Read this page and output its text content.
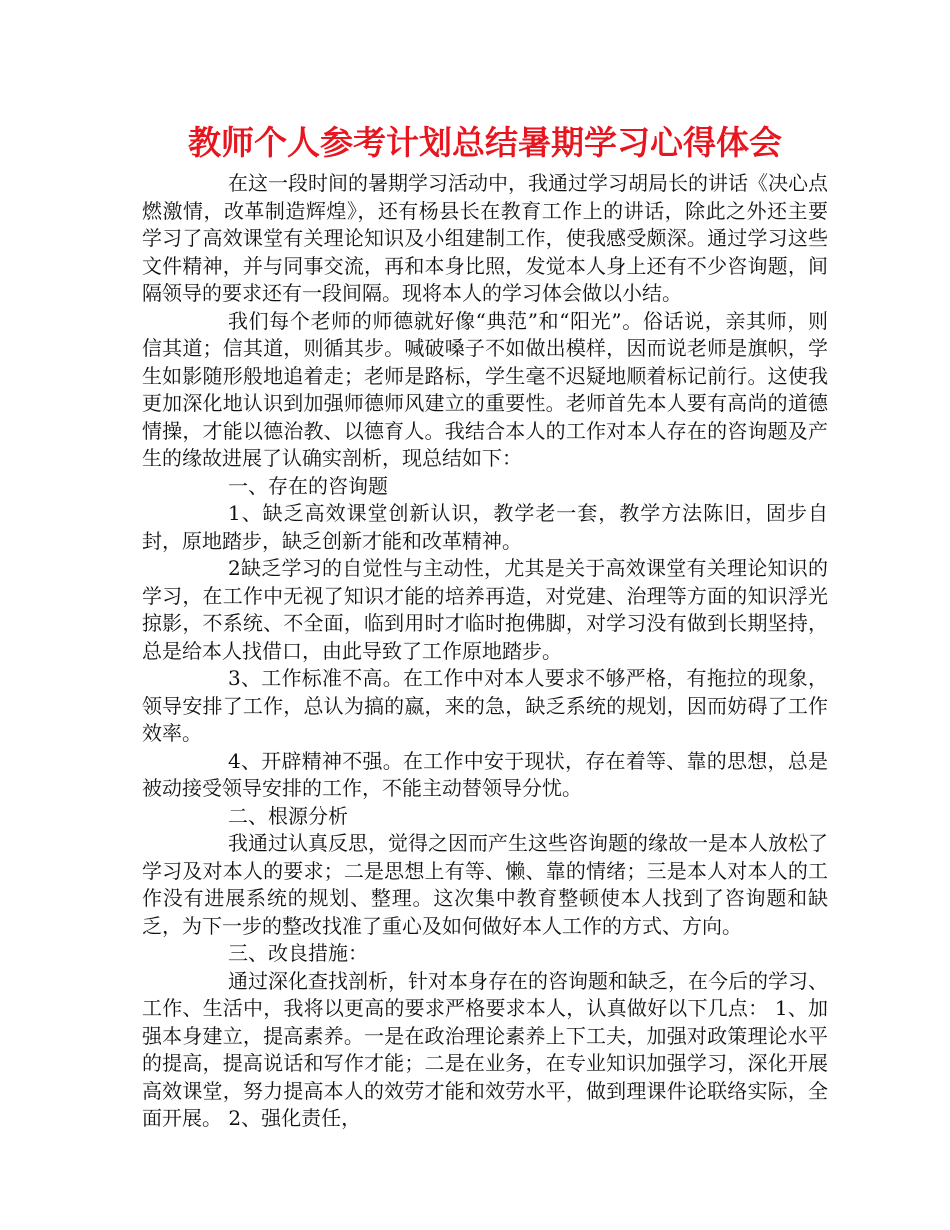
教师个人参考计划总结暑期学习心得体会

在这一段时间的暑期学习活动中，我通过学习胡局长的讲话《决心点燃激情，改革制造辉煌》，还有杨县长在教育工作上的讲话，除此之外还主要学习了高效课堂有关理论知识及小组建制工作，使我感受颇深。通过学习这些文件精神，并与同事交流，再和本身比照，发觉本人身上还有不少咨询题，间隔领导的要求还有一段间隔。现将本人的学习体会做以小结。

我们每个老师的师德就好像“典范”和“阳光”。俗话说，亲其师，则信其道；信其道，则循其步。喊破嗓子不如做出模样，因而说老师是旗帜，学生如影随形般地追着走；老师是路标，学生毫不迟疑地顺着标记前行。这使我更加深化地认识到加强师德师风建立的重要性。老师首先本人要有高尚的道德情操，才能以德治教、以德育人。我结合本人的工作对本人存在的咨询题及产生的缘故进展了认确实剖析，现总结如下：

一、存在的咨询题

1、缺乏高效课堂创新认识，教学老一套，教学方法陈旧，固步自封，原地踏步，缺乏创新才能和改革精神。

2缺乏学习的自觉性与主动性，尤其是关于高效课堂有关理论知识的学习，在工作中无视了知识才能的培养再造，对党建、治理等方面的知识浮光掠影，不系统、不全面，临到用时才临时抱佛脚，对学习没有做到长期坚持，总是给本人找借口，由此导致了工作原地踏步。

3、工作标准不高。在工作中对本人要求不够严格，有拖拉的现象，领导安排了工作，总认为搞的嬴，来的急，缺乏系统的规划，因而妨碍了工作效率。

4、开辟精神不强。在工作中安于现状，存在着等、靠的思想，总是被动接受领导安排的工作，不能主动替领导分忧。

二、根源分析

我通过认真反思，觉得之因而产生这些咨询题的缘故一是本人放松了学习及对本人的要求；二是思想上有等、懒、靠的情绪；三是本人对本人的工作没有进展系统的规划、整理。这次集中教育整顿使本人找到了咨询题和缺乏，为下一步的整改找准了重心及如何做好本人工作的方式、方向。

三、改良措施：

通过深化查找剖析，针对本身存在的咨询题和缺乏，在今后的学习、工作、生活中，我将以更高的要求严格要求本人，认真做好以下几点： 1、加强本身建立，提高素养。一是在政治理论素养上下工夫，加强对政策理论水平的提高，提高说话和写作才能；二是在业务，在专业知识加强学习，深化开展高效课堂，努力提高本人的效劳才能和效劳水平，做到理课件论联络实际，全面开展。 2、强化责任，
